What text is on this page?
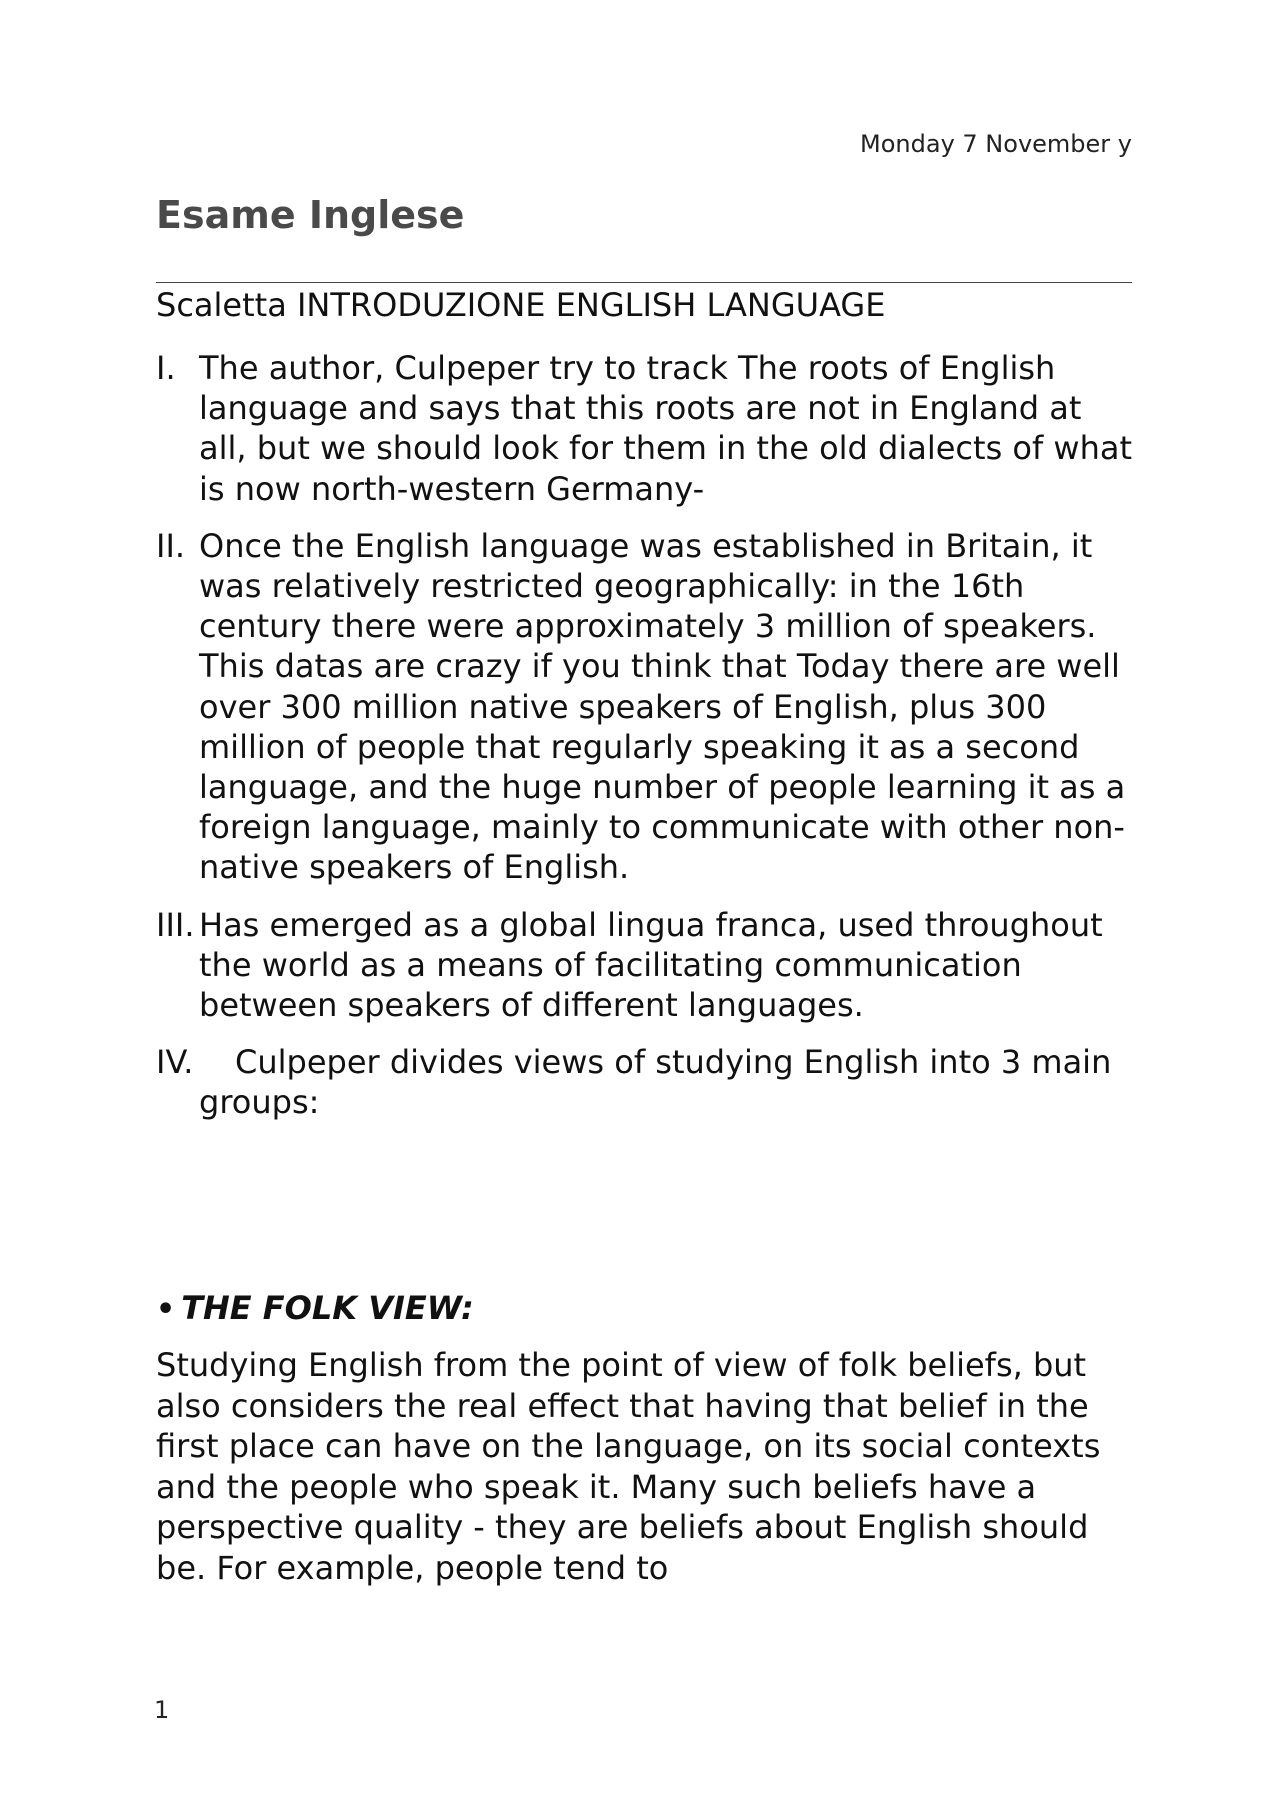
Monday 7 November y
Esame Inglese
Scaletta INTRODUZIONE ENGLISH LANGUAGE
I. The author, Culpeper try to track The roots of English language and says that this roots are not in England at all, but we should look for them in the old dialects of what is now north-western Germany-
II. Once the English language was established in Britain, it was relatively restricted geographically: in the 16th century there were approximately 3 million of speakers. This datas are crazy if you think that Today there are well over 300 million native speakers of English, plus 300 million of people that regularly speaking it as a second language, and the huge number of people learning it as a foreign language, mainly to communicate with other non-native speakers of English.
III. Has emerged as a global lingua franca, used throughout the world as a means of facilitating communication between speakers of different languages.
IV.	Culpeper divides views of studying English into 3 main groups:
• THE FOLK VIEW:

Studying English from the point of view of folk beliefs, but also considers the real effect that having that belief in the first place can have on the language, on its social contexts and the people who speak it. Many such beliefs have a perspective quality - they are beliefs about English should be. For example, people tend to

1
